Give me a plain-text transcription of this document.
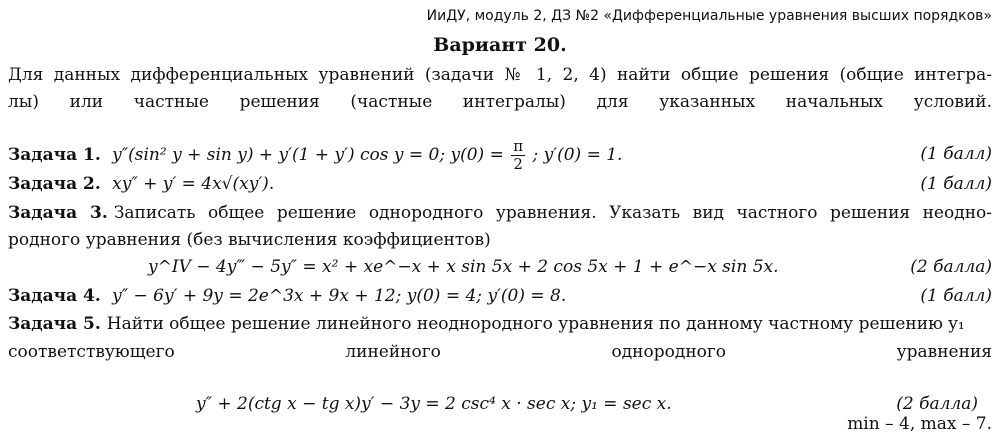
ИиДУ, модуль 2, ДЗ №2 «Дифференциальные уравнения высших порядков»
Вариант 20.
Для данных дифференциальных уравнений (задачи № 1, 2, 4) найти общие решения (общие интегра-
лы) или частные решения (частные интегралы) для указанных начальных условий.
Задача 1. y″(sin² y + sin y) + y′(1 + y′) cos y = 0; $y(0) = \frac{\pi}{2}$ ; y′(0) = 1.	(1 балл)
Задача 2. xy″ + y′ = 4x√(xy′).	(1 балл)
Задача 3. Записать общее решение однородного уравнения. Указать вид частного решения неодно-
родного уравнения (без вычисления коэффициентов)
y^IV − 4y‴ − 5y″ = x² + xe^−x + x sin 5x + 2 cos 5x + 1 + e^−x sin 5x.	(2 балла)
Задача 4. y″ − 6y′ + 9y = 2e^3x + 9x + 12; y(0) = 4; y′(0) = 8.	(1 балл)
Задача 5. Найти общее решение линейного неоднородного уравнения по данному частному решению y₁
соответствующего линейного однородного уравнения
y″ + 2(ctg x − tg x)y′ − 3y = 2 csc⁴ x · sec x; y₁ = sec x.	(2 балла)
min – 4, max – 7.
